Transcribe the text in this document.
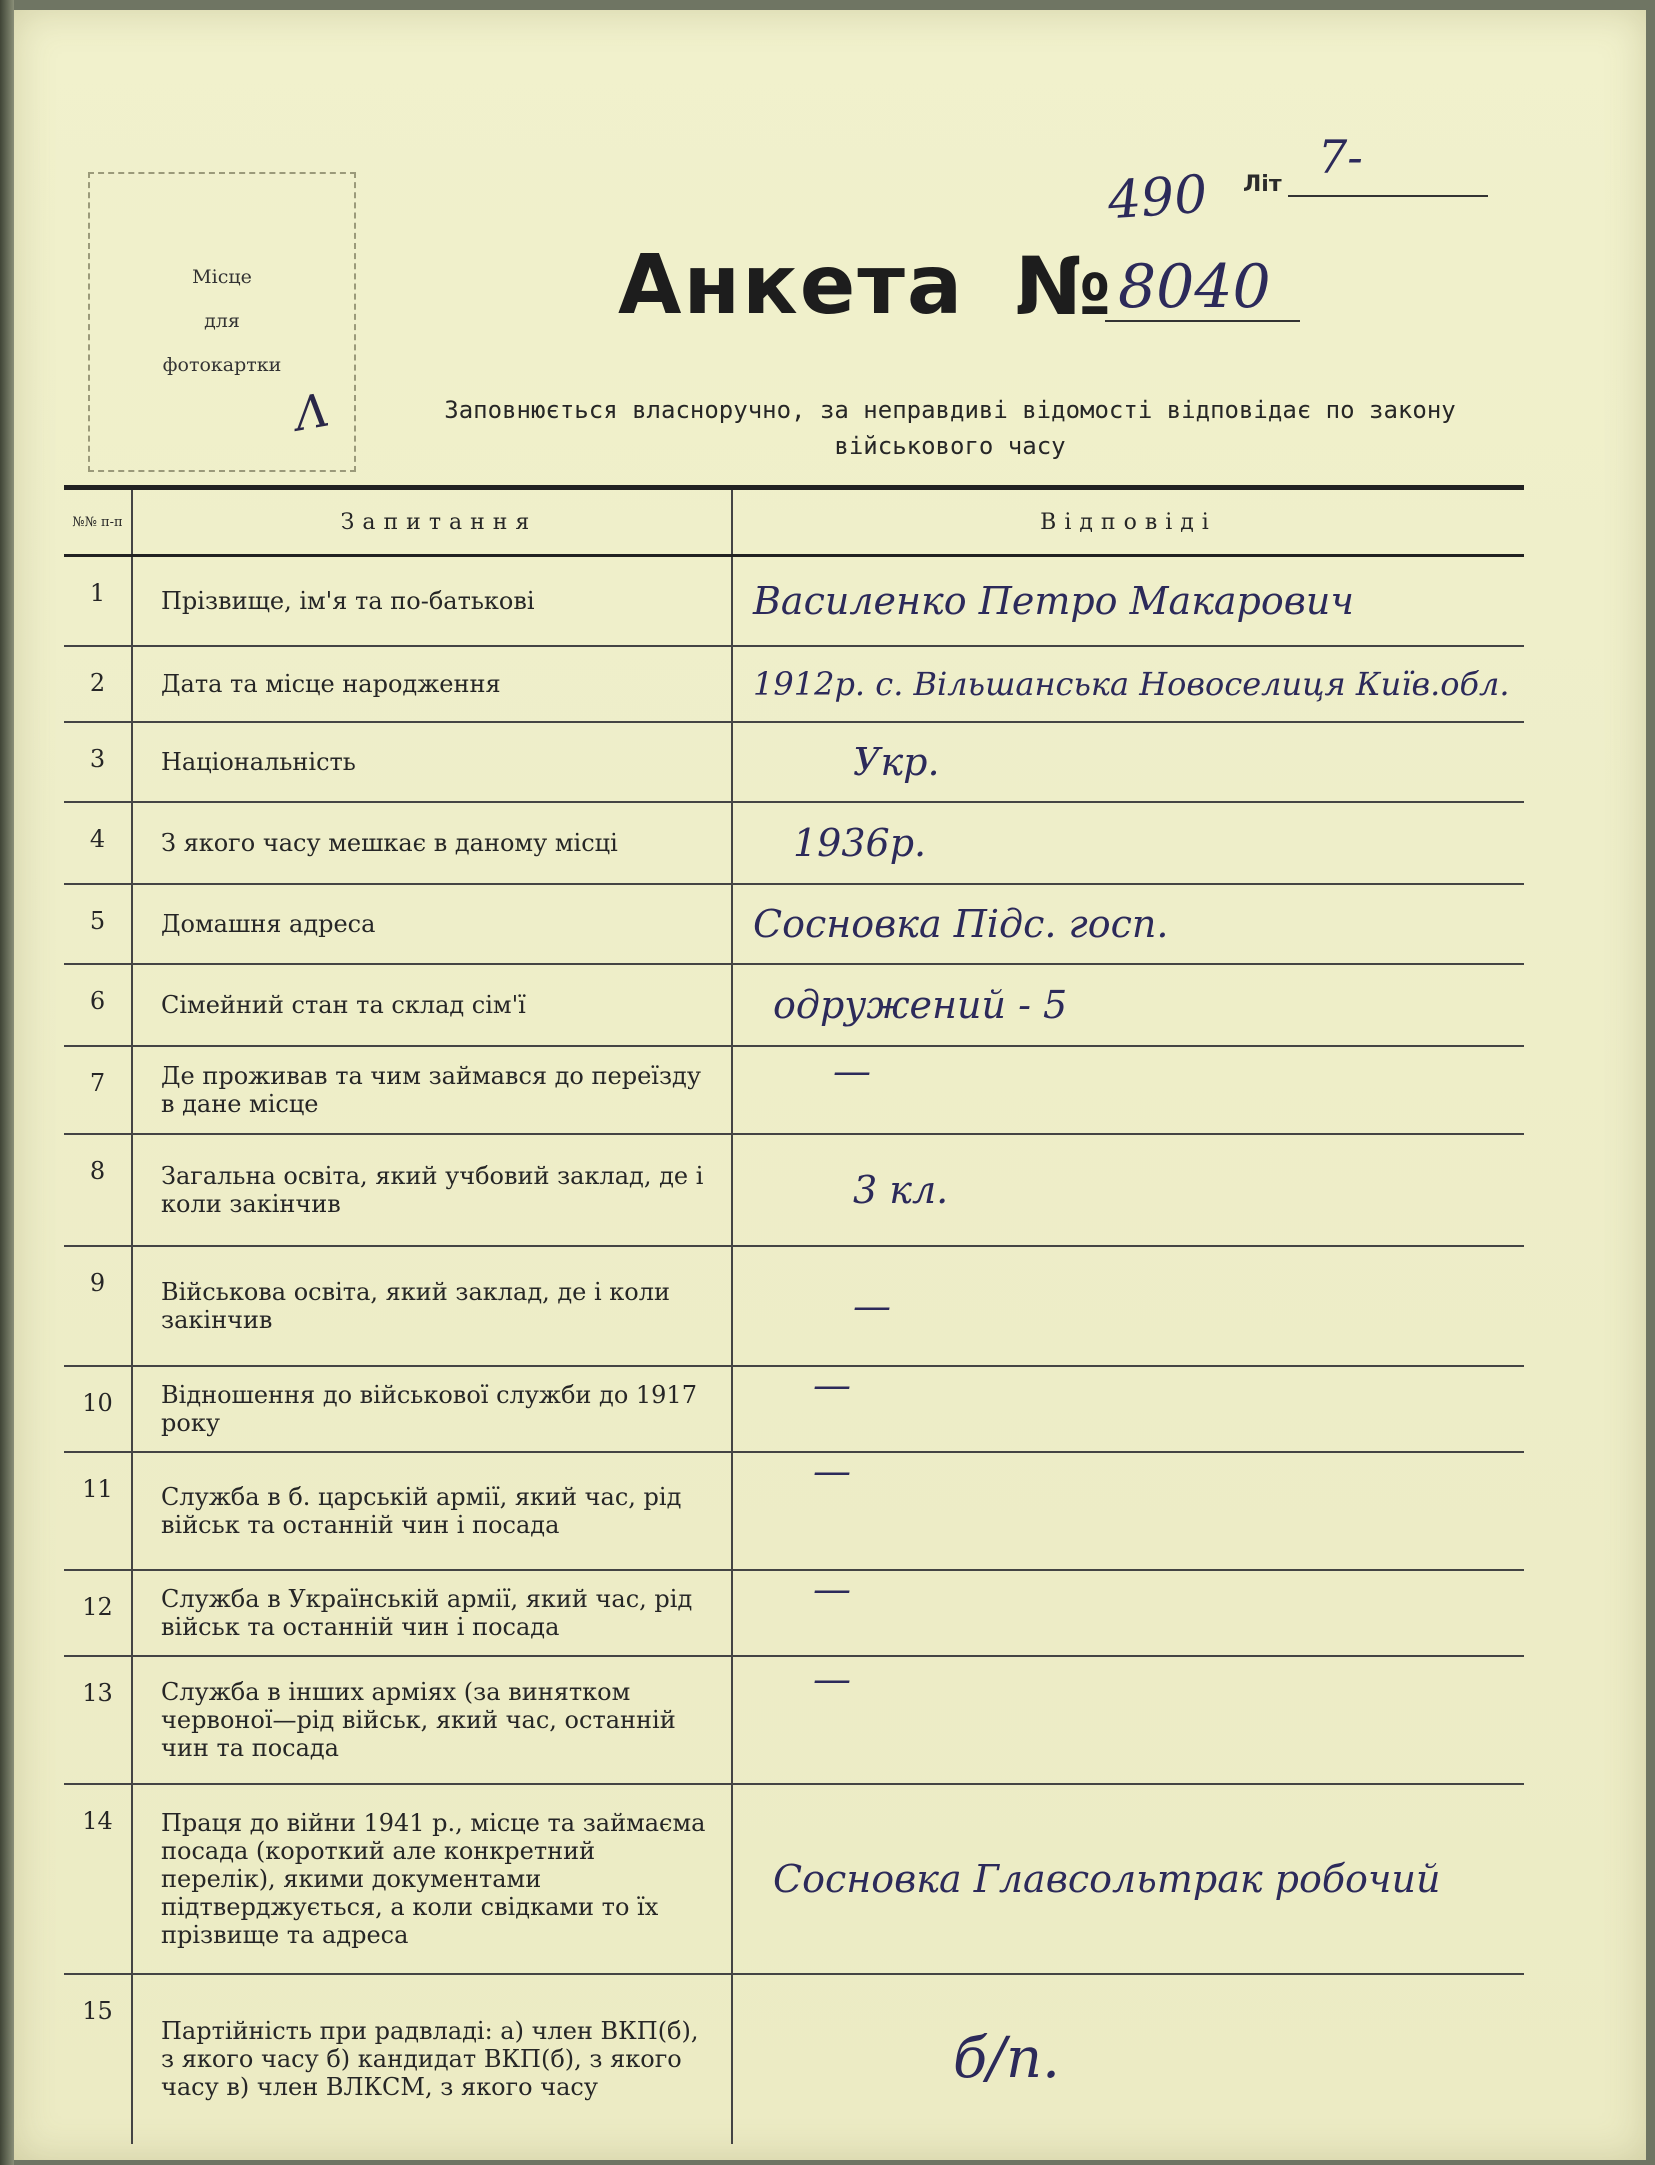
Місце
для
фотокартки
Λ
490 Літ
7-
Анкета № 8040
Заповнюється власноручно, за неправдиві відомості відповідає по закону військового часу
№№ п-п	Запитання	Відповіді
1	Прізвище, ім'я та по-батькові	Василенко Петро Макарович
2	Дата та місце народження	1912р. с. Вільшанська Новоселиця Київ.обл.
3	Національність	Укр.
4	З якого часу мешкає в даному місці	1936р.
5	Домашня адреса	Сосновка Підс. госп.
6	Сімейний стан та склад сім'ї	одружений - 5
7	Де проживав та чим займався до переїзду в дане місце	—
8	Загальна освіта, який учбовий заклад, де і коли закінчив	3 кл.
9	Військова освіта, який заклад, де і коли закінчив	—
10	Відношення до військової служби до 1917 року	—
11	Служба в б. царській армії, який час, рід військ та останній чин і посада	—
12	Служба в Українській армії, який час, рід військ та останній чин і посада	—
13	Служба в інших арміях (за винятком червоної—рід військ, який час, останній чин та посада	—
14	Праця до війни 1941 р., місце та займаєма посада (короткий але конкретний перелік), якими документами підтверджується, а коли свідками то їх прізвище та адреса	Сосновка Главсольтрак робочий
15	Партійність при радвладі: а) член ВКП(б), з якого часу б) кандидат ВКП(б), з якого часу в) член ВЛКСМ, з якого часу	б/п.
